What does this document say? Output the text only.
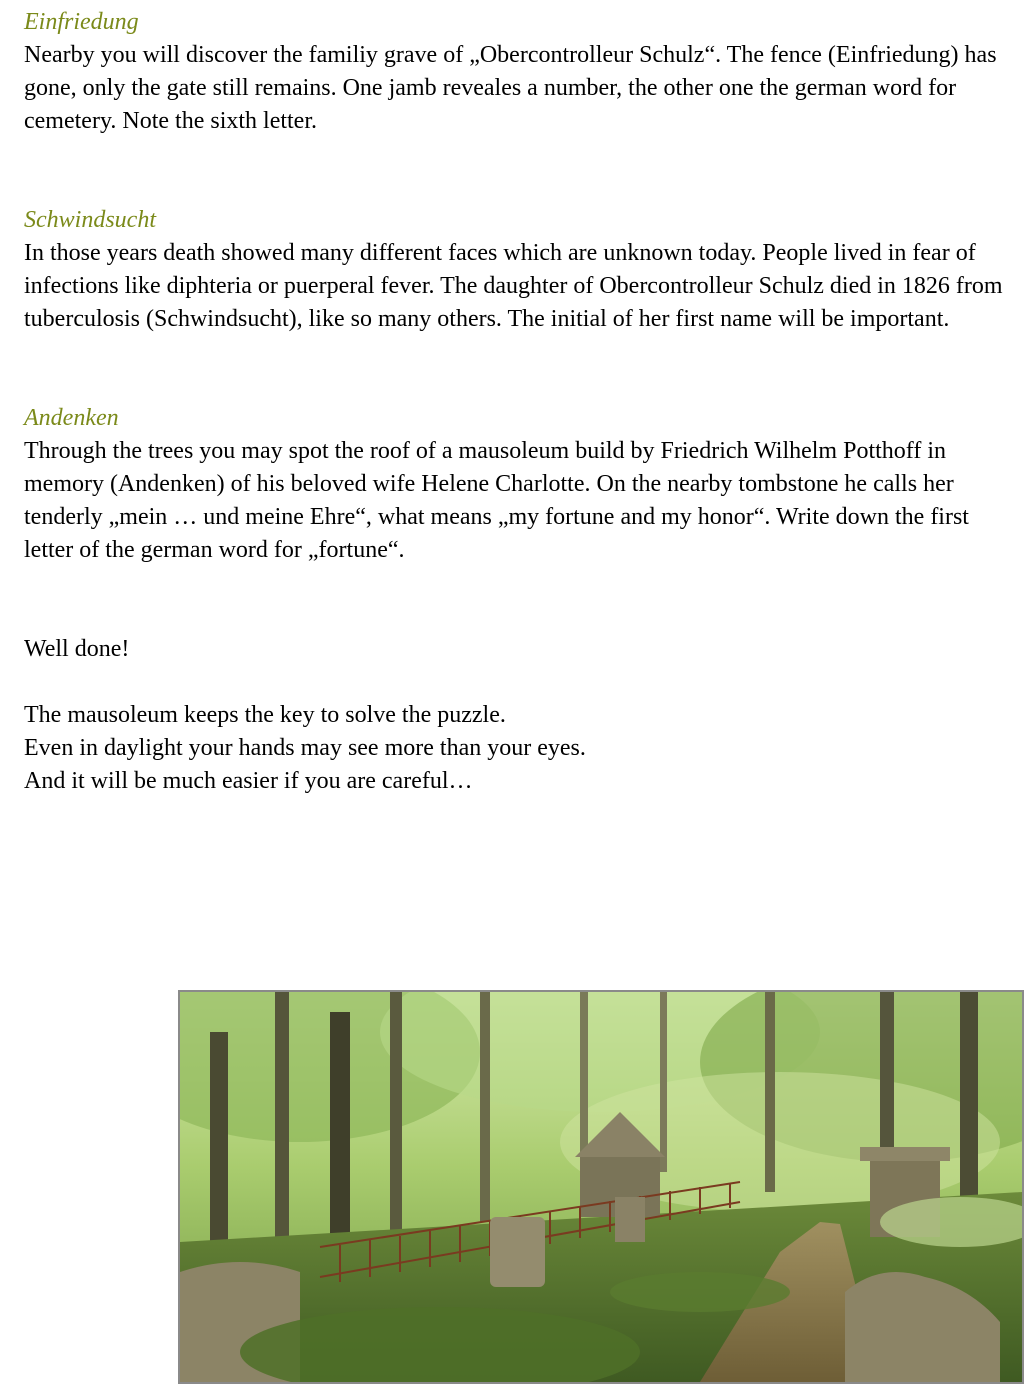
Einfriedung

Nearby you will discover the familiy grave of „Obercontrolleur Schulz“. The fence (Einfriedung) has gone, only the gate still remains. One jamb reveales a number, the other one the german word for cemetery. Note the sixth letter.

Schwindsucht

In those years death showed many different faces which are unknown today. People lived in fear of infections like diphteria or puerperal fever. The daughter of Obercontrolleur Schulz died in 1826 from tuberculosis (Schwindsucht), like so many others. The initial of her first name will be important.

Andenken

Through the trees you may spot the roof of a mausoleum build by Friedrich Wilhelm Potthoff in memory (Andenken) of his beloved wife Helene Charlotte. On the nearby tombstone he calls her tenderly „mein … und meine Ehre“, what means „my fortune and my honor“. Write down the first letter of the german word for „fortune“.

Well done!
The mausoleum keeps the key to solve the puzzle.
Even in daylight your hands may see more than your eyes.
And it will be much easier if you are careful…
